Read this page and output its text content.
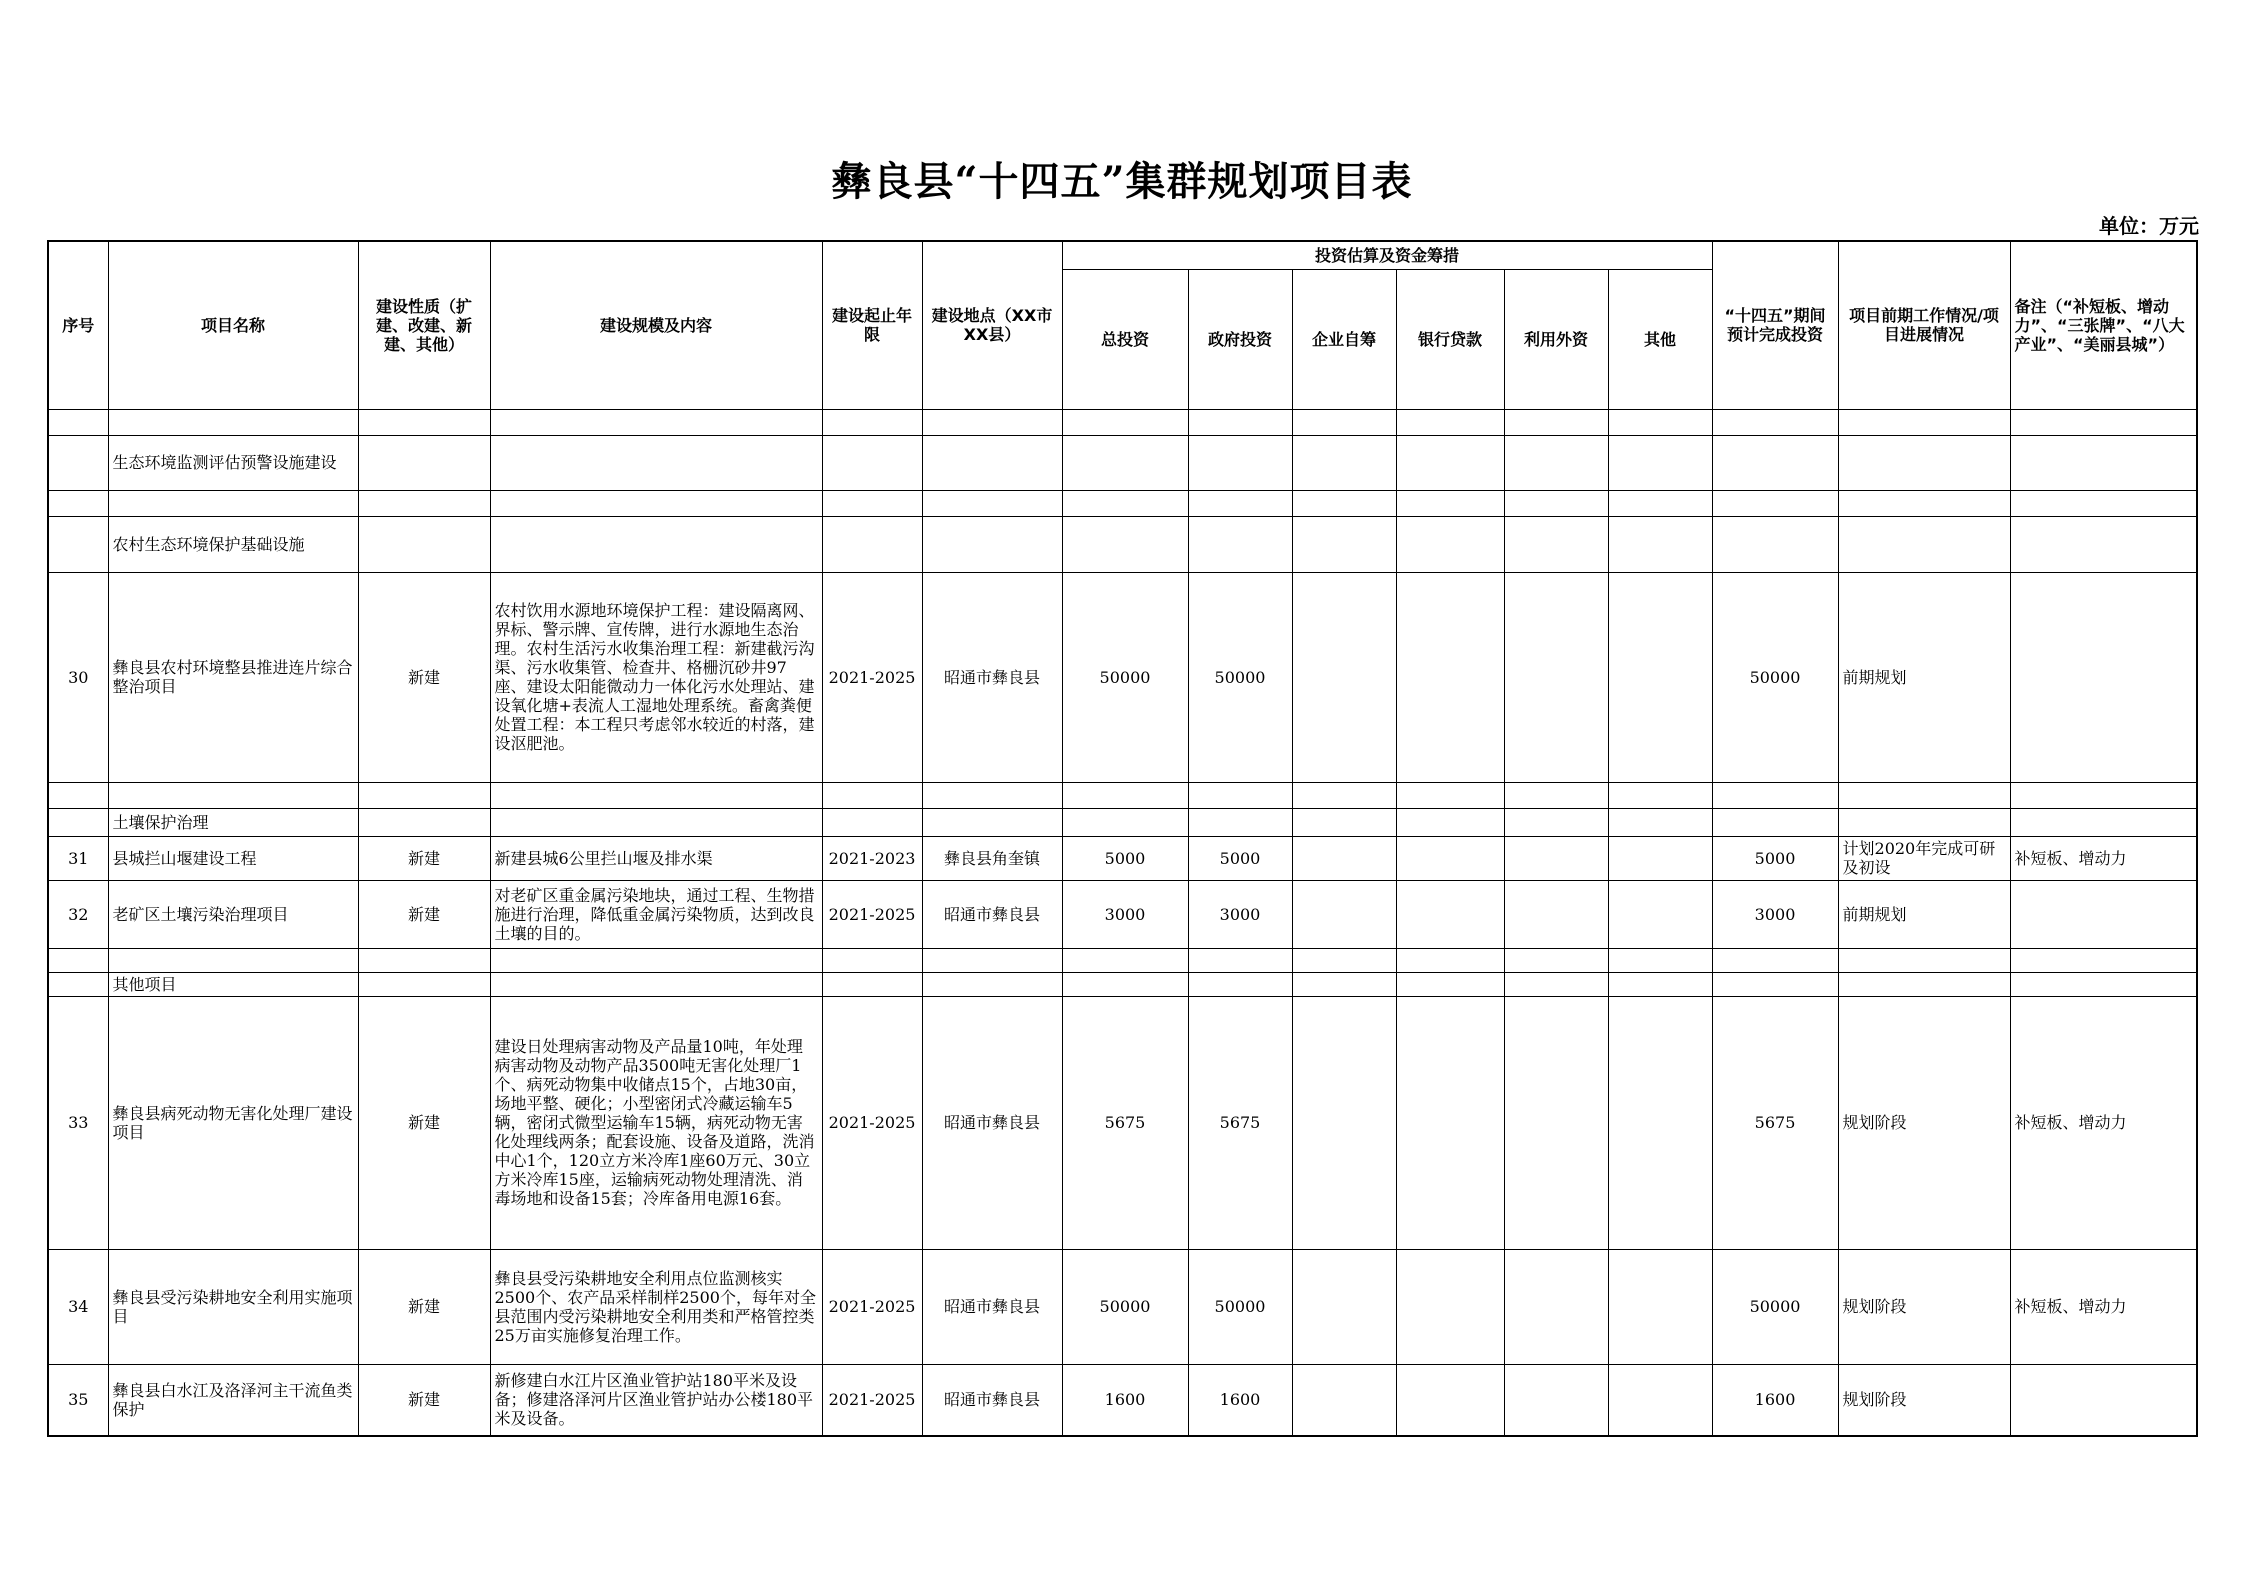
彝良县“十四五”集群规划项目表
单位：万元
序号	项目名称	建设性质（扩建、改建、新建、其他）	建设规模及内容	建设起止年限	建设地点（XX市XX县）	投资估算及资金筹措						“十四五”期间预计完成投资	项目前期工作情况/项目进展情况	备注（“补短板、增动力”、“三张牌”、“八大产业”、“美丽县城”）
						总投资	政府投资	企业自筹	银行贷款	利用外资	其他			

	生态环境监测评估预警设施建设													

	农村生态环境保护基础设施													
30	彝良县农村环境整县推进连片综合整治项目	新建	农村饮用水源地环境保护工程：建设隔离网、界标、警示牌、宣传牌，进行水源地生态治理。农村生活污水收集治理工程：新建截污沟渠、污水收集管、检查井、格栅沉砂井97座、建设太阳能微动力一体化污水处理站、建设氧化塘+表流人工湿地处理系统。畜禽粪便处置工程：本工程只考虑邻水较近的村落，建设沤肥池。	2021-2025	昭通市彝良县	50000	50000					50000	前期规划	

	土壤保护治理													
31	县城拦山堰建设工程	新建	新建县城6公里拦山堰及排水渠	2021-2023	彝良县角奎镇	5000	5000					5000	计划2020年完成可研及初设	补短板、增动力
32	老矿区土壤污染治理项目	新建	对老矿区重金属污染地块，通过工程、生物措施进行治理，降低重金属污染物质，达到改良土壤的目的。	2021-2025	昭通市彝良县	3000	3000					3000	前期规划	

	其他项目													
33	彝良县病死动物无害化处理厂建设项目	新建	建设日处理病害动物及产品量10吨，年处理病害动物及动物产品3500吨无害化处理厂1个、病死动物集中收储点15个，占地30亩，场地平整、硬化；小型密闭式冷藏运输车5辆，密闭式微型运输车15辆，病死动物无害化处理线两条；配套设施、设备及道路，洗消中心1个，120立方米冷库1座60万元、30立方米冷库15座，运输病死动物处理清洗、消毒场地和设备15套；冷库备用电源16套。	2021-2025	昭通市彝良县	5675	5675					5675	规划阶段	补短板、增动力
34	彝良县受污染耕地安全利用实施项目	新建	彝良县受污染耕地安全利用点位监测核实2500个、农产品采样制样2500个，每年对全县范围内受污染耕地安全利用类和严格管控类25万亩实施修复治理工作。	2021-2025	昭通市彝良县	50000	50000					50000	规划阶段	补短板、增动力
35	彝良县白水江及洛泽河主干流鱼类保护	新建	新修建白水江片区渔业管护站180平米及设备；修建洛泽河片区渔业管护站办公楼180平米及设备。	2021-2025	昭通市彝良县	1600	1600					1600	规划阶段	
